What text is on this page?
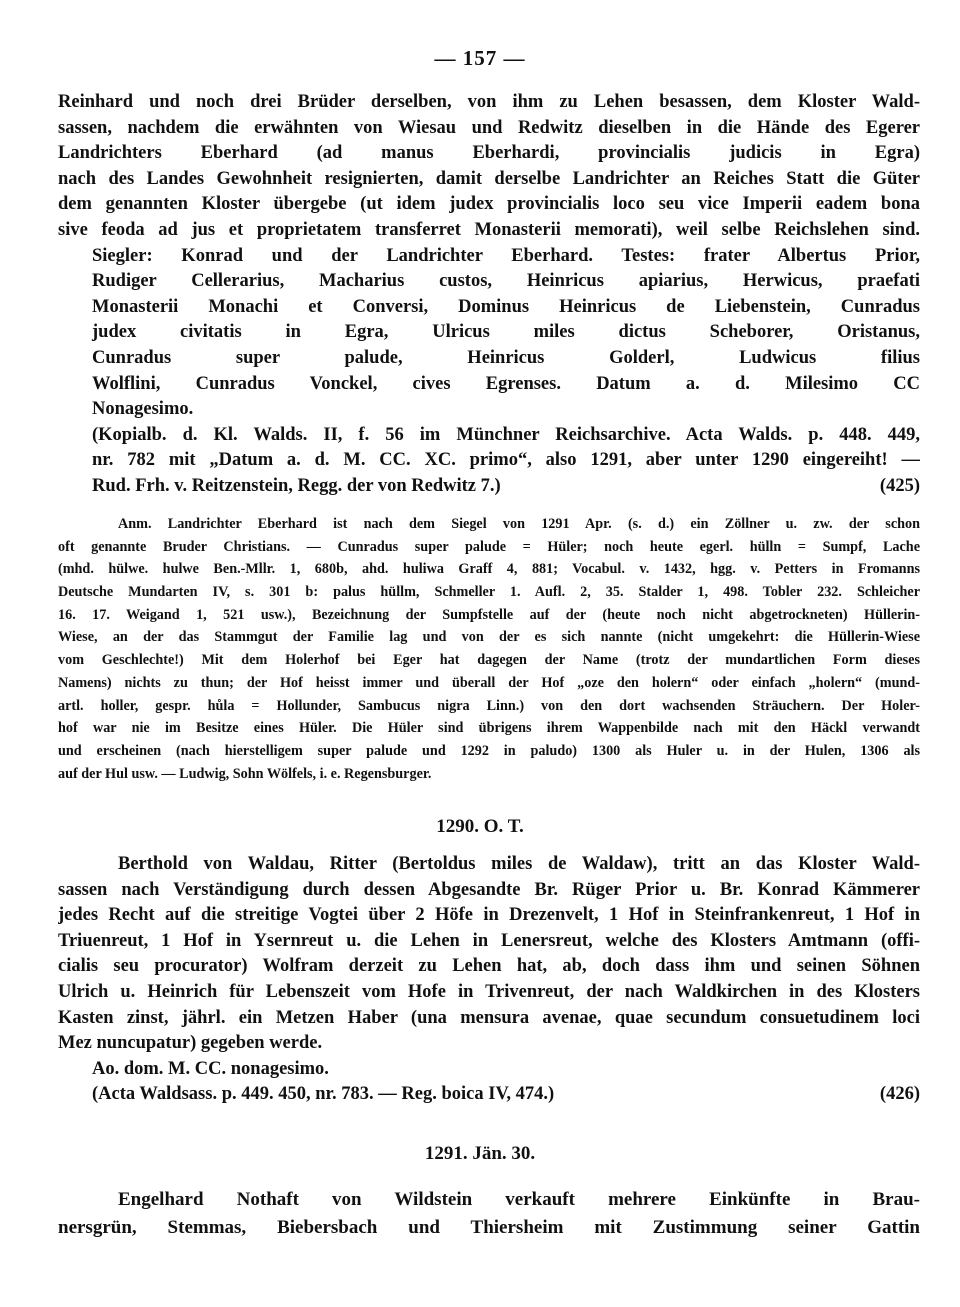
— 157 —
Reinhard und noch drei Brüder derselben, von ihm zu Lehen besassen, dem Kloster Wald-
sassen, nachdem die erwähnten von Wiesau und Redwitz dieselben in die Hände des Egerer
Landrichters Eberhard (ad manus Eberhardi, provincialis judicis in Egra)
nach des Landes Gewohnheit resignierten, damit derselbe Landrichter an Reiches Statt die Güter
dem genannten Kloster übergebe (ut idem judex provincialis loco seu vice Imperii eadem bona
sive feoda ad jus et proprietatem transferret Monasterii memorati), weil selbe Reichslehen sind.
Siegler: Konrad und der Landrichter Eberhard. Testes: frater Albertus Prior,
Rudiger Cellerarius, Macharius custos, Heinricus apiarius, Herwicus, praefati
Monasterii Monachi et Conversi, Dominus Heinricus de Liebenstein, Cunradus
judex civitatis in Egra, Ulricus miles dictus Scheborer, Oristanus,
Cunradus super palude, Heinricus Golderl, Ludwicus filius
Wolflini, Cunradus Vonckel, cives Egrenses. Datum a. d. Milesimo CC
Nonagesimo.
(Kopialb. d. Kl. Walds. II, f. 56 im Münchner Reichsarchive. Acta Walds. p. 448. 449,
nr. 782 mit „Datum a. d. M. CC. XC. primo“, also 1291, aber unter 1290 eingereiht! —
Rud. Frh. v. Reitzenstein, Regg. der von Redwitz 7.)	(425)
Anm. Landrichter Eberhard ist nach dem Siegel von 1291 Apr. (s. d.) ein Zöllner u. zw. der schon
oft genannte Bruder Christians. — Cunradus super palude = Hüler; noch heute egerl. hülln = Sumpf, Lache
(mhd. hülwe. hulwe Ben.-Mllr. 1, 680b, ahd. huliwa Graff 4, 881; Vocabul. v. 1432, hgg. v. Petters in Fromanns
Deutsche Mundarten IV, s. 301 b: palus hüllm, Schmeller 1. Aufl. 2, 35. Stalder 1, 498. Tobler 232. Schleicher
16. 17. Weigand 1, 521 usw.), Bezeichnung der Sumpfstelle auf der (heute noch nicht abgetrockneten) Hüllerin-
Wiese, an der das Stammgut der Familie lag und von der es sich nannte (nicht umgekehrt: die Hüllerin-Wiese
vom Geschlechte!) Mit dem Holerhof bei Eger hat dagegen der Name (trotz der mundartlichen Form dieses
Namens) nichts zu thun; der Hof heisst immer und überall der Hof „oze den holern“ oder einfach „holern“ (mund-
artl. holler, gespr. hůla = Hollunder, Sambucus nigra Linn.) von den dort wachsenden Sträuchern. Der Holer-
hof war nie im Besitze eines Hüler. Die Hüler sind übrigens ihrem Wappenbilde nach mit den Häckl verwandt
und erscheinen (nach hierstelligem super palude und 1292 in paludo) 1300 als Huler u. in der Hulen, 1306 als
auf der Hul usw. — Ludwig, Sohn Wölfels, i. e. Regensburger.
1290. O. T.
Berthold von Waldau, Ritter (Bertoldus miles de Waldaw), tritt an das Kloster Wald-
sassen nach Verständigung durch dessen Abgesandte Br. Rüger Prior u. Br. Konrad Kämmerer
jedes Recht auf die streitige Vogtei über 2 Höfe in Drezenvelt, 1 Hof in Steinfrankenreut, 1 Hof in
Triuenreut, 1 Hof in Ysernreut u. die Lehen in Lenersreut, welche des Klosters Amtmann (offi-
cialis seu procurator) Wolfram derzeit zu Lehen hat, ab, doch dass ihm und seinen Söhnen
Ulrich u. Heinrich für Lebenszeit vom Hofe in Trivenreut, der nach Waldkirchen in des Klosters
Kasten zinst, jährl. ein Metzen Haber (una mensura avenae, quae secundum consuetudinem loci
Mez nuncupatur) gegeben werde.
Ao. dom. M. CC. nonagesimo.
(Acta Waldsass. p. 449. 450, nr. 783. — Reg. boica IV, 474.)	(426)
1291. Jän. 30.
Engelhard Nothaft von Wildstein verkauft mehrere Einkünfte in Brau-
nersgrün, Stemmas, Biebersbach und Thiersheim mit Zustimmung seiner Gattin
